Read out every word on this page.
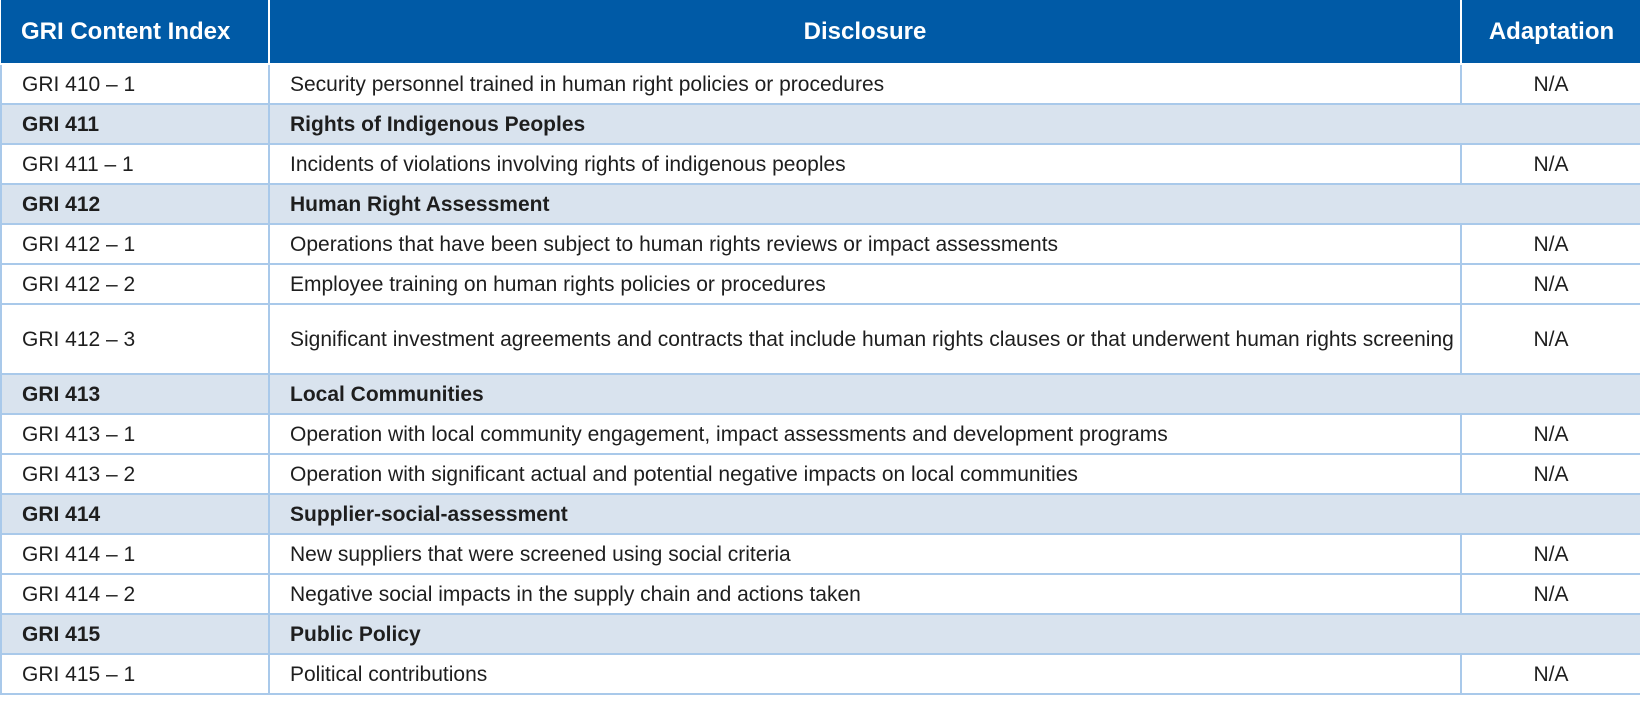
GRI Content Index	Disclosure	Adaptation
GRI 410 – 1	Security personnel trained in human right policies or procedures	N/A
GRI 411	Rights of Indigenous Peoples	
GRI 411 – 1	Incidents of violations involving rights of indigenous peoples	N/A
GRI 412	Human Right Assessment	
GRI 412 – 1	Operations that have been subject to human rights reviews or impact assessments	N/A
GRI 412 – 2	Employee training on human rights policies or procedures	N/A
GRI 412 – 3	Significant investment agreements and contracts that include human rights clauses or that underwent human rights screening	N/A
GRI 413	Local Communities	
GRI 413 – 1	Operation with local community engagement, impact assessments and development programs	N/A
GRI 413 – 2	Operation with significant actual and potential negative impacts on local communities	N/A
GRI 414	Supplier-social-assessment	
GRI 414 – 1	New suppliers that were screened using social criteria	N/A
GRI 414 – 2	Negative social impacts in the supply chain and actions taken	N/A
GRI 415	Public Policy	
GRI 415 – 1	Political contributions	N/A
